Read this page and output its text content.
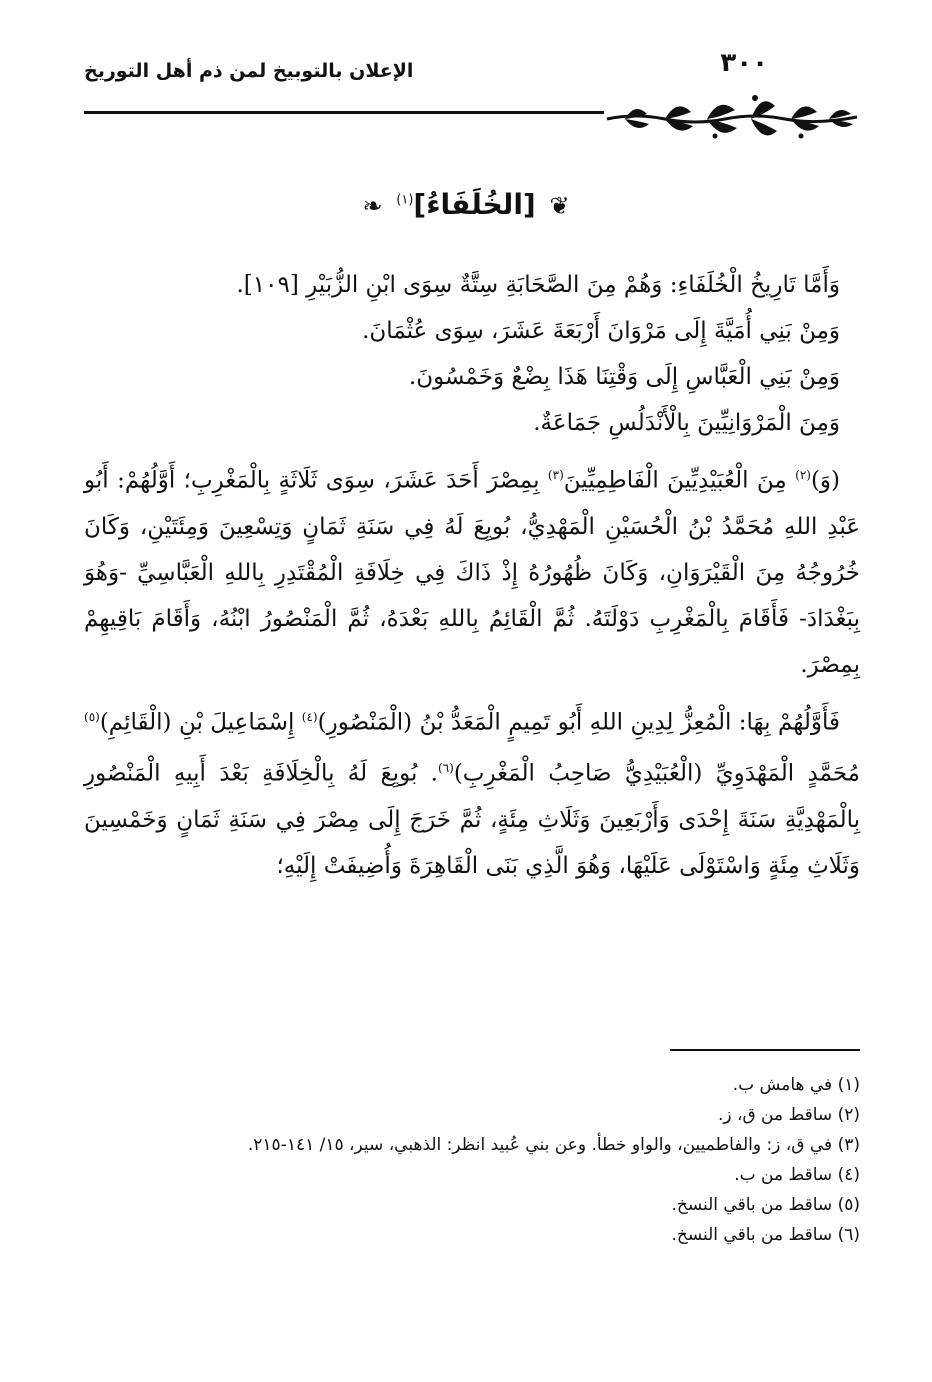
٣٠٠
الإعلان بالتوبيخ لمن ذم أهل التوريخ
❦ [الخُلَفَاءُ]$^{(١)}$ ❧

وَأَمَّا تَارِيخُ الْخُلَفَاءِ: وَهُمْ مِنَ الصَّحَابَةِ سِتَّةٌ سِوَى ابْنِ الزُّبَيْرِ [١٠٩].

وَمِنْ بَنِي أُمَيَّةَ إِلَى مَرْوَانَ أَرْبَعَةَ عَشَرَ، سِوَى عُثْمَانَ.

وَمِنْ بَنِي الْعَبَّاسِ إِلَى وَقْتِنَا هَذَا بِضْعٌ وَخَمْسُونَ.

وَمِنَ الْمَرْوَانِيِّينَ بِالْأَنْدَلُسِ جَمَاعَةٌ.

(وَ)$^{(٢)}$ مِنَ الْعُبَيْدِيِّينَ الْفَاطِمِيِّينَ$^{(٣)}$ بِمِصْرَ أَحَدَ عَشَرَ، سِوَى ثَلَاثَةٍ بِالْمَغْرِبِ؛ أَوَّلُهُمْ: أَبُو عَبْدِ اللهِ مُحَمَّدُ بْنُ الْحُسَيْنِ الْمَهْدِيُّ، بُويِعَ لَهُ فِي سَنَةِ ثَمَانٍ وَتِسْعِينَ وَمِئَتَيْنِ، وَكَانَ خُرُوجُهُ مِنَ الْقَيْرَوَانِ، وَكَانَ ظُهُورُهُ إِذْ ذَاكَ فِي خِلَافَةِ الْمُقْتَدِرِ بِاللهِ الْعَبَّاسِيِّ -وَهُوَ بِبَغْدَادَ- فَأَقَامَ بِالْمَغْرِبِ دَوْلَتَهُ. ثُمَّ الْقَائِمُ بِاللهِ بَعْدَهُ، ثُمَّ الْمَنْصُورُ ابْنُهُ، وَأَقَامَ بَاقِيهِمْ بِمِصْرَ.

فَأَوَّلُهُمْ بِهَا: الْمُعِزُّ لِدِينِ اللهِ أَبُو تَمِيمٍ الْمَعَدُّ بْنُ (الْمَنْصُورِ)$^{(٤)}$ إِسْمَاعِيلَ بْنِ (الْقَائِمِ)$^{(٥)}$ مُحَمَّدٍ الْمَهْدَوِيِّ (الْعُبَيْدِيُّ صَاحِبُ الْمَغْرِبِ)$^{(٦)}$. بُويِعَ لَهُ بِالْخِلَافَةِ بَعْدَ أَبِيهِ الْمَنْصُورِ بِالْمَهْدِيَّةِ سَنَةَ إِحْدَى وَأَرْبَعِينَ وَثَلَاثِ مِئَةٍ، ثُمَّ خَرَجَ إِلَى مِصْرَ فِي سَنَةِ ثَمَانٍ وَخَمْسِينَ وَثَلَاثِ مِئَةٍ وَاسْتَوْلَى عَلَيْهَا، وَهُوَ الَّذِي بَنَى الْقَاهِرَةَ وَأُضِيفَتْ إِلَيْهِ؛

(١) في هامش ب.
(٢) ساقط من ق، ز.
(٣) في ق، ز: والفاطميين، والواو خطأ. وعن بني عُبيد انظر: الذهبي، سير، ١٥/ ١٤١-٢١٥.
(٤) ساقط من ب.
(٥) ساقط من باقي النسخ.
(٦) ساقط من باقي النسخ.
